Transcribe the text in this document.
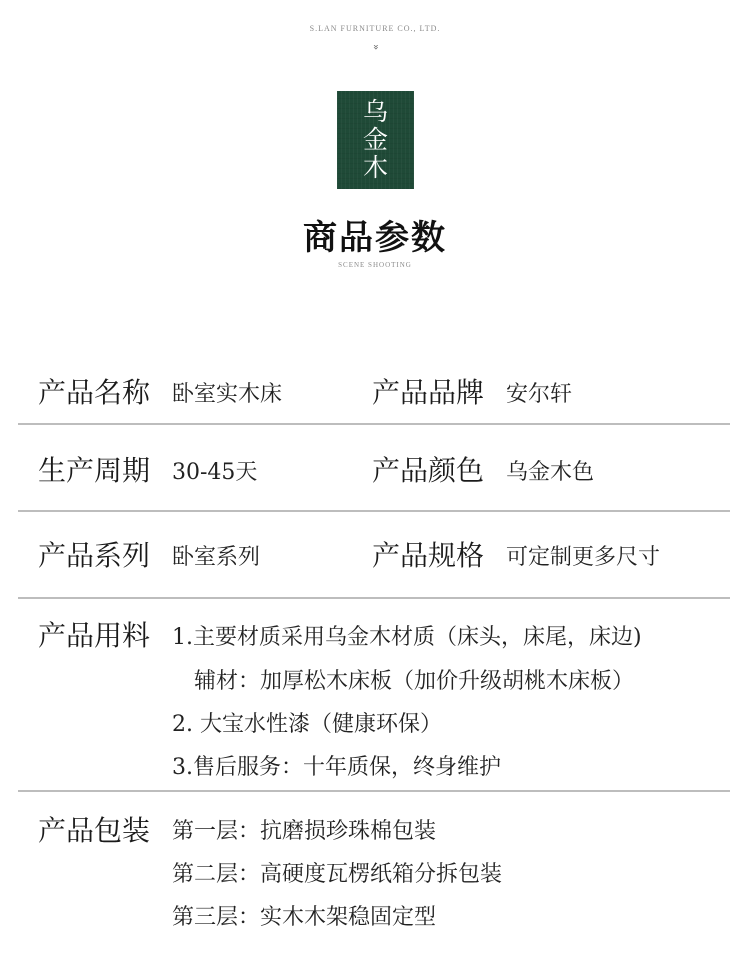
S.LAN FURNITURE CO., LTD.
»
乌
金
木
商品参数
SCENE SHOOTING
产品名称 卧室实木床	产品品牌 安尔轩
生产周期 30-45天	产品颜色 乌金木色
产品系列 卧室系列	产品规格 可定制更多尺寸
产品用料 1.主要材质采用乌金木材质（床头，床尾，床边)
辅材：加厚松木床板（加价升级胡桃木床板）
2. 大宝水性漆（健康环保）
3.售后服务：十年质保，终身维护
产品包装 第一层：抗磨损珍珠棉包装
第二层：高硬度瓦楞纸箱分拆包装
第三层：实木木架稳固定型
